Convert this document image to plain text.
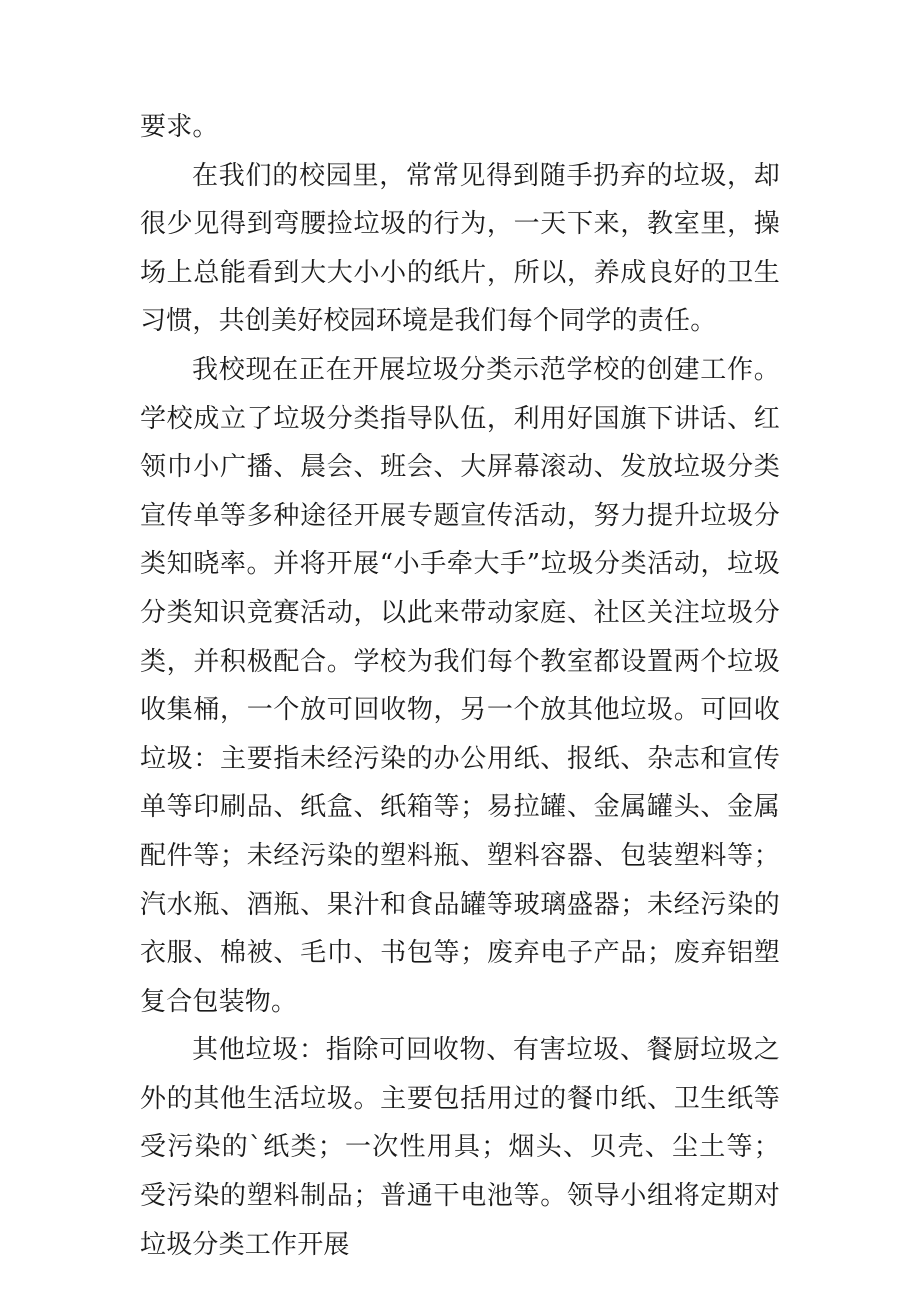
要求。

在我们的校园里，常常见得到随手扔弃的垃圾，却很少见得到弯腰捡垃圾的行为，一天下来，教室里，操场上总能看到大大小小的纸片，所以，养成良好的卫生习惯，共创美好校园环境是我们每个同学的责任。

我校现在正在开展垃圾分类示范学校的创建工作。学校成立了垃圾分类指导队伍，利用好国旗下讲话、红领巾小广播、晨会、班会、大屏幕滚动、发放垃圾分类宣传单等多种途径开展专题宣传活动，努力提升垃圾分类知晓率。并将开展“小手牵大手”垃圾分类活动，垃圾分类知识竞赛活动，以此来带动家庭、社区关注垃圾分类，并积极配合。学校为我们每个教室都设置两个垃圾收集桶，一个放可回收物，另一个放其他垃圾。可回收垃圾：主要指未经污染的办公用纸、报纸、杂志和宣传单等印刷品、纸盒、纸箱等；易拉罐、金属罐头、金属配件等；未经污染的塑料瓶、塑料容器、包装塑料等；汽水瓶、酒瓶、果汁和食品罐等玻璃盛器；未经污染的衣服、棉被、毛巾、书包等；废弃电子产品；废弃铝塑复合包装物。

其他垃圾：指除可回收物、有害垃圾、餐厨垃圾之外的其他生活垃圾。主要包括用过的餐巾纸、卫生纸等受污染的`纸类；一次性用具；烟头、贝壳、尘土等；受污染的塑料制品；普通干电池等。领导小组将定期对垃圾分类工作开展
